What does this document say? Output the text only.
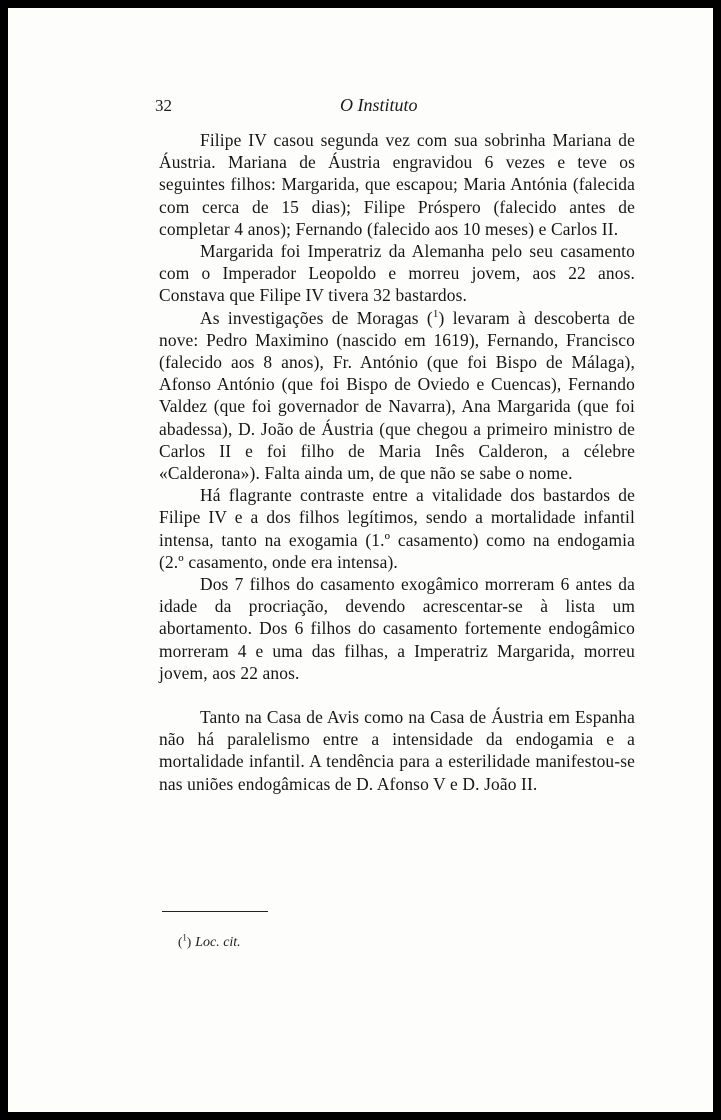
32	O Instituto

Filipe IV casou segunda vez com sua sobrinha Mariana de Áustria. Mariana de Áustria engravidou 6 vezes e teve os seguintes filhos: Margarida, que escapou; Maria Antónia (falecida com cerca de 15 dias); Filipe Próspero (falecido antes de completar 4 anos); Fernando (falecido aos 10 meses) e Carlos II.

Margarida foi Imperatriz da Alemanha pelo seu casamento com o Imperador Leopoldo e morreu jovem, aos 22 anos. Constava que Filipe IV tivera 32 bastardos.

As investigações de Moragas ($^1$) levaram à descoberta de nove: Pedro Maximino (nascido em 1619), Fernando, Francisco (falecido aos 8 anos), Fr. António (que foi Bispo de Málaga), Afonso António (que foi Bispo de Oviedo e Cuencas), Fernando Valdez (que foi governador de Navarra), Ana Margarida (que foi abadessa), D. João de Áustria (que chegou a primeiro ministro de Carlos II e foi filho de Maria Inês Calderon, a célebre «Calderona»). Falta ainda um, de que não se sabe o nome.

Há flagrante contraste entre a vitalidade dos bastardos de Filipe IV e a dos filhos legítimos, sendo a mortalidade infantil intensa, tanto na exogamia (1.º casamento) como na endogamia (2.º casamento, onde era intensa).

Dos 7 filhos do casamento exogâmico morreram 6 antes da idade da procriação, devendo acrescentar-se à lista um abortamento. Dos 6 filhos do casamento fortemente endogâmico morreram 4 e uma das filhas, a Imperatriz Margarida, morreu jovem, aos 22 anos.

Tanto na Casa de Avis como na Casa de Áustria em Espanha não há paralelismo entre a intensidade da endogamia e a mortalidade infantil. A tendência para a esterilidade manifestou-se nas uniões endogâmicas de D. Afonso V e D. João II.

($^1$) Loc. cit.
